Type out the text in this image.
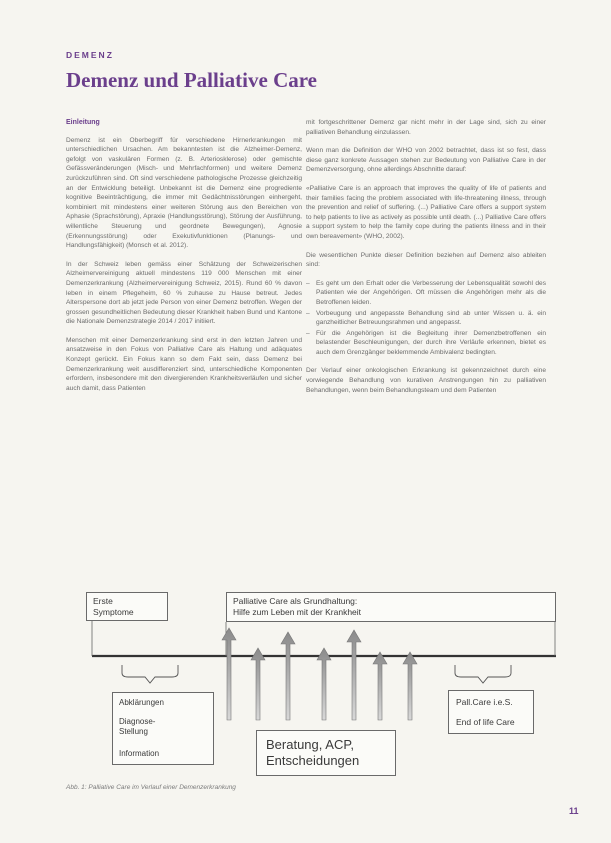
DEMENZ
Demenz und Palliative Care
Einleitung

Demenz ist ein Oberbegriff für verschiedene Hirnerkrankungen mit unterschiedlichen Ursachen. Am bekanntesten ist die Alzheimer-Demenz, gefolgt von vaskulären Formen (z. B. Arteriosklerose) oder gemischte Gefässveränderungen (Misch- und Mehrfachformen) und weitere Demenz zurückzuführen sind. Oft sind verschiedene pathologische Prozesse gleichzeitig an der Entwicklung beteiligt. Unbekannt ist die Demenz eine progrediente kognitive Beeinträchtigung, die immer mit Gedächtnisstörungen einhergeht, kombiniert mit mindestens einer weiteren Störung aus den Bereichen von Aphasie (Sprachstörung), Apraxie (Handlungsstörung), Störung der Ausführung, willentliche Steuerung und geordnete Bewegungen), Agnosie (Erkennungsstörung) oder Exekutivfunktionen (Planungs- und Handlungsfähigkeit) (Monsch et al. 2012).

In der Schweiz leben gemäss einer Schätzung der Schweizerischen Alzheimervereinigung aktuell mindestens 119 000 Menschen mit einer Demenzerkrankung (Alzheimervereinigung Schweiz, 2015). Rund 60 % davon leben in einem Pflegeheim, 60 % zuhause zu Hause betreut. Jedes Alterspersone dort ab jetzt jede Person von einer Demenz betroffen. Wegen der grossen gesundheitlichen Bedeutung dieser Krankheit haben Bund und Kantone die Nationale Demenzstrategie 2014 / 2017 initiiert.

Menschen mit einer Demenzerkrankung sind erst in den letzten Jahren und ansatzweise in den Fokus von Palliative Care als Haltung und adäquates Konzept gerückt. Ein Fokus kann so dem Fakt sein, dass Demenz bei Demenzerkrankung weit ausdifferenziert sind, unterschiedliche Komponenten erfordern, insbesondere mit den divergierenden Krankheitsverläufen und sicher auch damit, dass Patienten

mit fortgeschrittener Demenz gar nicht mehr in der Lage sind, sich zu einer palliativen Behandlung einzulassen.

Wenn man die Definition der WHO von 2002 betrachtet, dass ist so fest, dass diese ganz konkrete Aussagen stehen zur Bedeutung von Palliative Care in der Demenzversorgung, ohne allerdings Abschnitte darauf:

«Palliative Care is an approach that improves the quality of life of patients and their families facing the problem associated with life-threatening illness, through the prevention and relief of suffering. (...) Palliative Care offers a support system to help patients to live as actively as possible until death. (...) Palliative Care offers a support system to help the family cope during the patients illness and in their own bereavement» (WHO, 2002).

Die wesentlichen Punkte dieser Definition beziehen auf Demenz also ableiten sind:

– Es geht um den Erhalt oder die Verbesserung der Lebensqualität sowohl des Patienten wie der Angehörigen. Oft müssen die Angehörigen mehr als die Betroffenen leiden.
– Vorbeugung und angepasste Behandlung sind ab unter Wissen u. ä. ein ganzheitlicher Betreuungsrahmen und angepasst.
– Für die Angehörigen ist die Begleitung ihrer Demenzbetroffenen ein belastender Beschleunigungen, der durch ihre Verläufe erkennen, bietet es auch dem Grenzgänger beklemmende Ambivalenz bedingten.

Der Verlauf einer onkologischen Erkrankung ist gekennzeichnet durch eine vorwiegende Behandlung von kurativen Anstrengungen hin zu palliativen Behandlungen, wenn beim Behandlungsteam und dem Patienten

Erste
Symptome
Palliative Care als Grundhaltung:
Hilfe zum Leben mit der Krankheit
Abklärungen
Diagnose-
Stellung
Information
Beratung, ACP,
Entscheidungen
Pall.Care i.e.S.
End of life Care
Abb. 1: Palliative Care im Verlauf einer Demenzerkrankung
11
